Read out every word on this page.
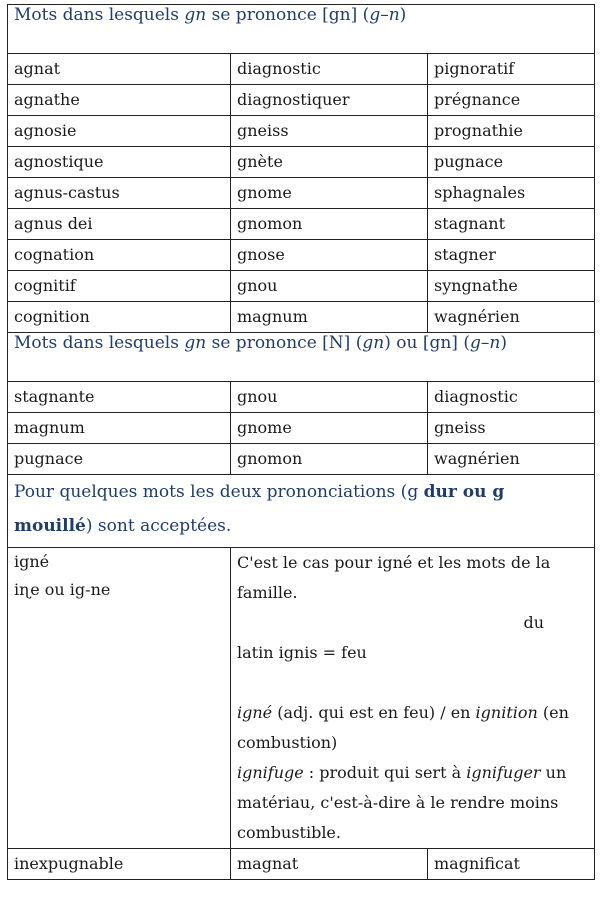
Mots dans lesquels gn se prononce [gn] (g–n)		
agnat	diagnostic	pignoratif
agnathe	diagnostiquer	prégnance
agnosie	gneiss	prognathie
agnostique	gnète	pugnace
agnus-castus	gnome	sphagnales
agnus dei	gnomon	stagnant
cognation	gnose	stagner
cognitif	gnou	syngnathe
cognition	magnum	wagnérien
Mots dans lesquels gn se prononce [N] (gn) ou [gn] (g–n)		
stagnante	gnou	diagnostic
magnum	gnome	gneiss
pugnace	gnomon	wagnérien
Pour quelques mots les deux prononciations (g dur ou g
mouillé) sont acceptées.		

igné
iɳe ou ig-ne	C'est le cas pour igné et les mots de la famille.
du
latin ignis = feu
igné (adj. qui est en feu) / en ignition (en combustion)
ignifuge : produit qui sert à ignifuger un matériau, c'est-à-dire à le rendre moins combustible.	

inexpugnable	magnat	magnificat
